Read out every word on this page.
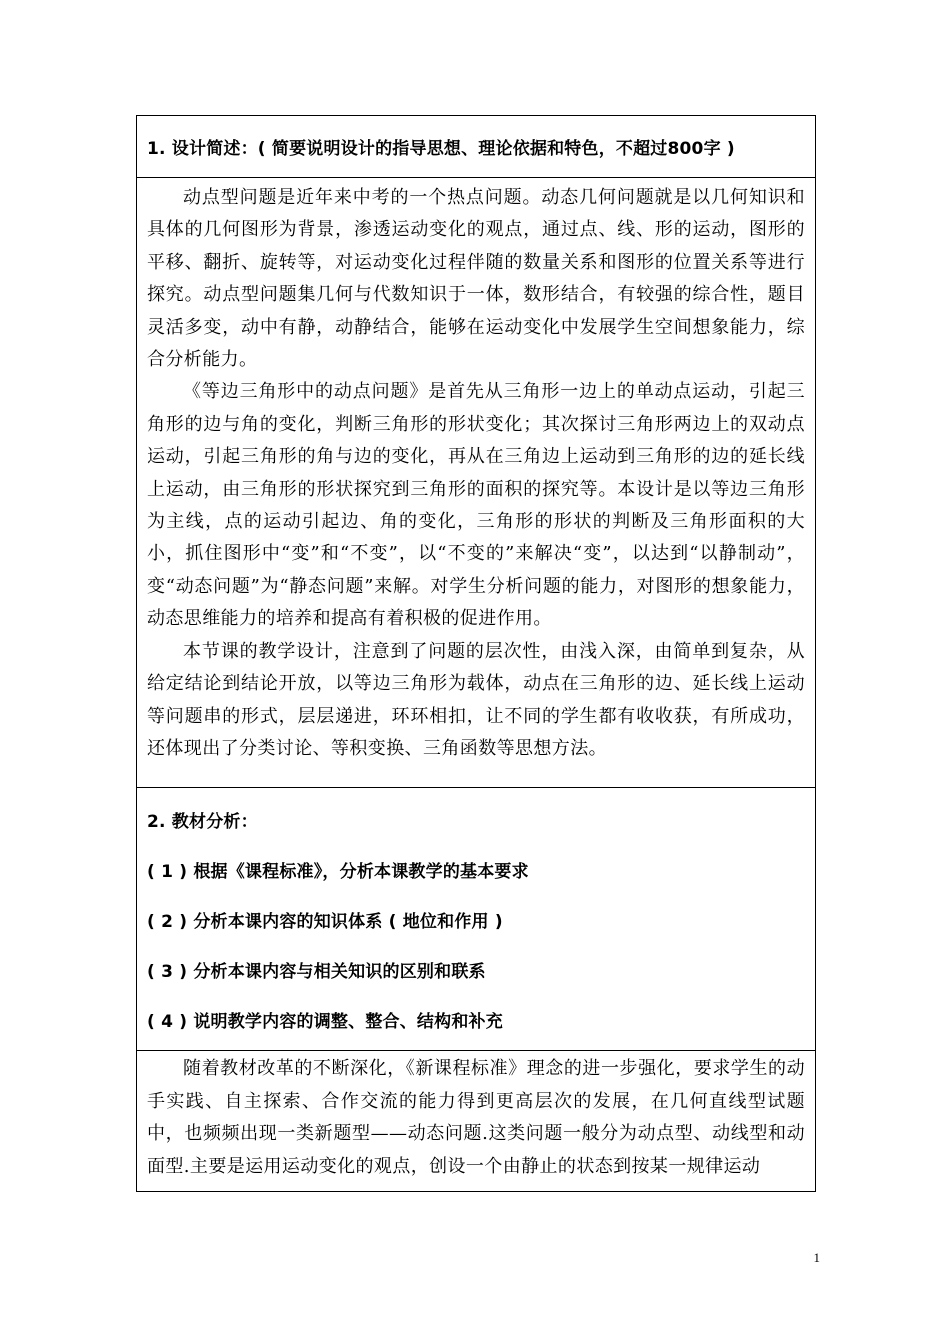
1. 设计简述：( 简要说明设计的指导思想、理论依据和特色，不超过800字 )

动点型问题是近年来中考的一个热点问题。动态几何问题就是以几何知识和具体的几何图形为背景，渗透运动变化的观点，通过点、线、形的运动，图形的平移、翻折、旋转等，对运动变化过程伴随的数量关系和图形的位置关系等进行探究。动点型问题集几何与代数知识于一体，数形结合，有较强的综合性，题目灵活多变，动中有静，动静结合，能够在运动变化中发展学生空间想象能力，综合分析能力。

《等边三角形中的动点问题》是首先从三角形一边上的单动点运动，引起三角形的边与角的变化，判断三角形的形状变化；其次探讨三角形两边上的双动点运动，引起三角形的角与边的变化，再从在三角边上运动到三角形的边的延长线上运动，由三角形的形状探究到三角形的面积的探究等。本设计是以等边三角形为主线，点的运动引起边、角的变化，三角形的形状的判断及三角形面积的大小，抓住图形中“变”和“不变”，以“不变的”来解决“变”，以达到“以静制动”，变“动态问题”为“静态问题”来解。对学生分析问题的能力，对图形的想象能力，动态思维能力的培养和提高有着积极的促进作用。

本节课的教学设计，注意到了问题的层次性，由浅入深，由简单到复杂，从给定结论到结论开放，以等边三角形为载体，动点在三角形的边、延长线上运动等问题串的形式，层层递进，环环相扣，让不同的学生都有收收获，有所成功，还体现出了分类讨论、等积变换、三角函数等思想方法。

2. 教材分析：
( 1 ) 根据《课程标准》，分析本课教学的基本要求
( 2 ) 分析本课内容的知识体系 ( 地位和作用 )
( 3 ) 分析本课内容与相关知识的区别和联系
( 4 ) 说明教学内容的调整、整合、结构和补充

随着教材改革的不断深化，《新课程标准》理念的进一步强化，要求学生的动手实践、自主探索、合作交流的能力得到更高层次的发展，在几何直线型试题中，也频频出现一类新题型——动态问题.这类问题一般分为动点型、动线型和动面型.主要是运用运动变化的观点，创设一个由静止的状态到按某一规律运动

1
